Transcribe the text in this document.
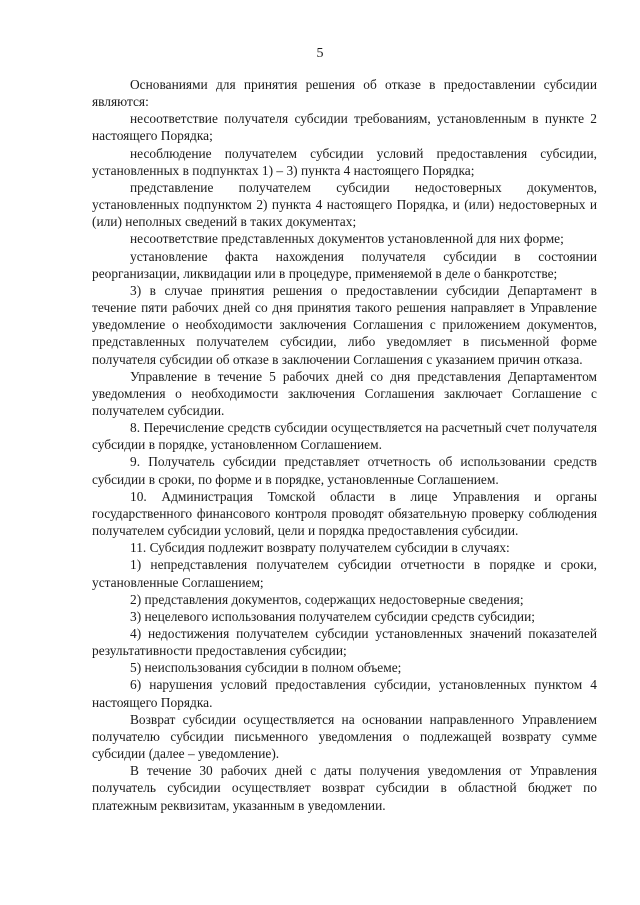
5

Основаниями для принятия решения об отказе в предоставлении субсидии являются:

несоответствие получателя субсидии требованиям, установленным в пункте 2 настоящего Порядка;

несоблюдение получателем субсидии условий предоставления субсидии, установленных в подпунктах 1) – 3) пункта 4 настоящего Порядка;

представление получателем субсидии недостоверных документов, установленных подпунктом 2) пункта 4 настоящего Порядка, и (или) недостоверных и (или) неполных сведений в таких документах;

несоответствие представленных документов установленной для них форме;

установление факта нахождения получателя субсидии в состоянии реорганизации, ликвидации или в процедуре, применяемой в деле о банкротстве;

3) в случае принятия решения о предоставлении субсидии Департамент в течение пяти рабочих дней со дня принятия такого решения направляет в Управление уведомление о необходимости заключения Соглашения с приложением документов, представленных получателем субсидии, либо уведомляет в письменной форме получателя субсидии об отказе в заключении Соглашения с указанием причин отказа.

Управление в течение 5 рабочих дней со дня представления Департаментом уведомления о необходимости заключения Соглашения заключает Соглашение с получателем субсидии.

8. Перечисление средств субсидии осуществляется на расчетный счет получателя субсидии в порядке, установленном Соглашением.

9. Получатель субсидии представляет отчетность об использовании средств субсидии в сроки, по форме и в порядке, установленные Соглашением.

10. Администрация Томской области в лице Управления и органы государственного финансового контроля проводят обязательную проверку соблюдения получателем субсидии условий, цели и порядка предоставления субсидии.

11. Субсидия подлежит возврату получателем субсидии в случаях:

1) непредставления получателем субсидии отчетности в порядке и сроки, установленные Соглашением;

2) представления документов, содержащих недостоверные сведения;

3) нецелевого использования получателем субсидии средств субсидии;

4) недостижения получателем субсидии установленных значений показателей результативности предоставления субсидии;

5) неиспользования субсидии в полном объеме;

6) нарушения условий предоставления субсидии, установленных пунктом 4 настоящего Порядка.

Возврат субсидии осуществляется на основании направленного Управлением получателю субсидии письменного уведомления о подлежащей возврату сумме субсидии (далее – уведомление).

В течение 30 рабочих дней с даты получения уведомления от Управления получатель субсидии осуществляет возврат субсидии в областной бюджет по платежным реквизитам, указанным в уведомлении.
